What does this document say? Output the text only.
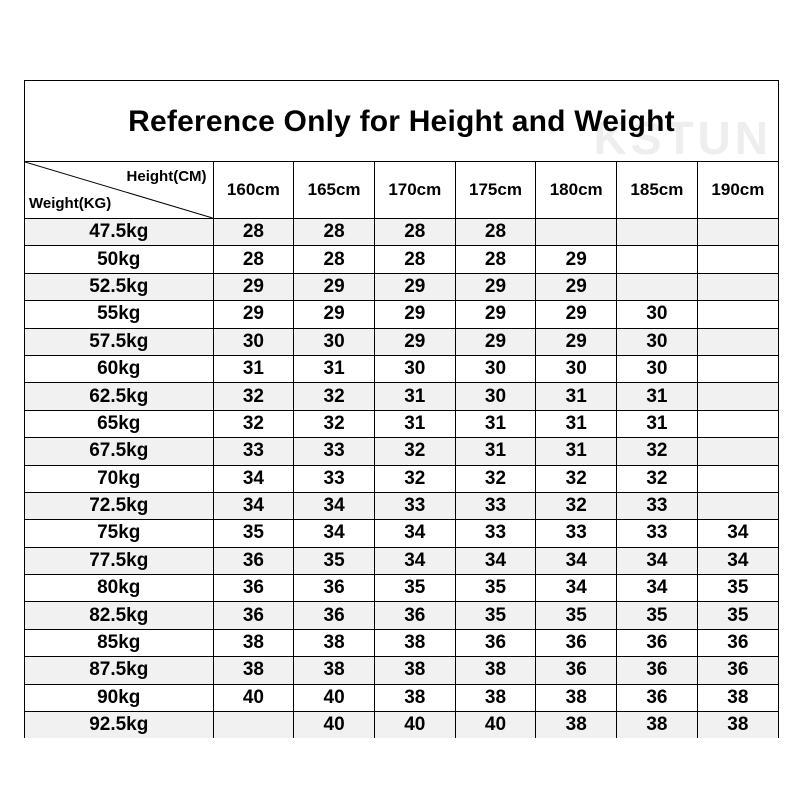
KSTUN
Reference Only for Height and Weight
Height(CM)
Weight(KG)	160cm	165cm	170cm	175cm	180cm	185cm	190cm
47.5kg	28	28	28	28			
50kg	28	28	28	28	29		
52.5kg	29	29	29	29	29		
55kg	29	29	29	29	29	30	
57.5kg	30	30	29	29	29	30	
60kg	31	31	30	30	30	30	
62.5kg	32	32	31	30	31	31	
65kg	32	32	31	31	31	31	
67.5kg	33	33	32	31	31	32	
70kg	34	33	32	32	32	32	
72.5kg	34	34	33	33	32	33	
75kg	35	34	34	33	33	33	34
77.5kg	36	35	34	34	34	34	34
80kg	36	36	35	35	34	34	35
82.5kg	36	36	36	35	35	35	35
85kg	38	38	38	36	36	36	36
87.5kg	38	38	38	38	36	36	36
90kg	40	40	38	38	38	36	38
92.5kg		40	40	40	38	38	38
